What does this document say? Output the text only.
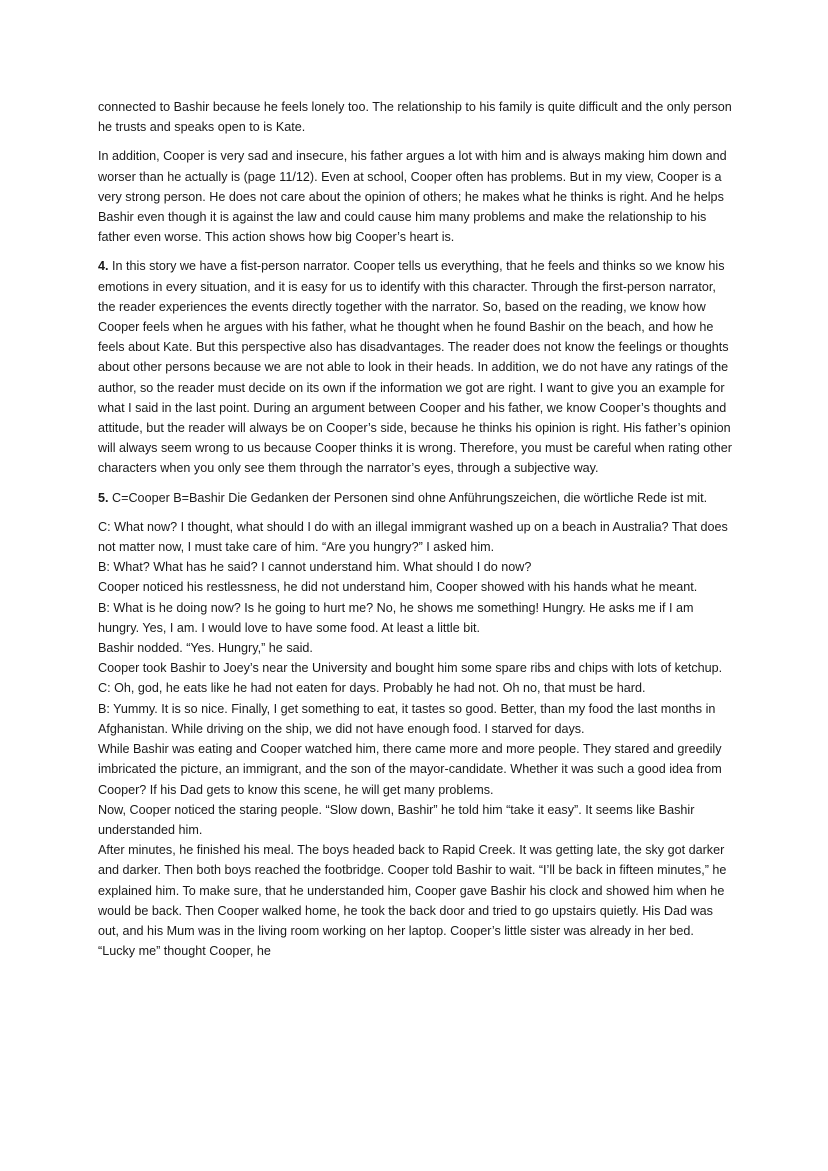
connected to Bashir because he feels lonely too. The relationship to his family is quite difficult and the only person he trusts and speaks open to is Kate.

In addition, Cooper is very sad and insecure, his father argues a lot with him and is always making him down and worser than he actually is (page 11/12). Even at school, Cooper often has problems. But in my view, Cooper is a very strong person. He does not care about the opinion of others; he makes what he thinks is right. And he helps Bashir even though it is against the law and could cause him many problems and make the relationship to his father even worse. This action shows how big Cooper’s heart is.

4. In this story we have a fist-person narrator. Cooper tells us everything, that he feels and thinks so we know his emotions in every situation, and it is easy for us to identify with this character. Through the first-person narrator, the reader experiences the events directly together with the narrator. So, based on the reading, we know how Cooper feels when he argues with his father, what he thought when he found Bashir on the beach, and how he feels about Kate. But this perspective also has disadvantages. The reader does not know the feelings or thoughts about other persons because we are not able to look in their heads. In addition, we do not have any ratings of the author, so the reader must decide on its own if the information we got are right. I want to give you an example for what I said in the last point. During an argument between Cooper and his father, we know Cooper’s thoughts and attitude, but the reader will always be on Cooper’s side, because he thinks his opinion is right. His father’s opinion will always seem wrong to us because Cooper thinks it is wrong. Therefore, you must be careful when rating other characters when you only see them through the narrator’s eyes, through a subjective way.

5. C=Cooper B=Bashir Die Gedanken der Personen sind ohne Anführungszeichen, die wörtliche Rede ist mit.

C: What now? I thought, what should I do with an illegal immigrant washed up on a beach in Australia? That does not matter now, I must take care of him. “Are you hungry?” I asked him.

B: What? What has he said? I cannot understand him. What should I do now?

Cooper noticed his restlessness, he did not understand him, Cooper showed with his hands what he meant.

B: What is he doing now? Is he going to hurt me? No, he shows me something! Hungry. He asks me if I am hungry. Yes, I am. I would love to have some food. At least a little bit.

Bashir nodded. “Yes. Hungry,” he said.

Cooper took Bashir to Joey’s near the University and bought him some spare ribs and chips with lots of ketchup.

C: Oh, god, he eats like he had not eaten for days. Probably he had not. Oh no, that must be hard.

B: Yummy. It is so nice. Finally, I get something to eat, it tastes so good. Better, than my food the last months in Afghanistan. While driving on the ship, we did not have enough food. I starved for days.

While Bashir was eating and Cooper watched him, there came more and more people. They stared and greedily imbricated the picture, an immigrant, and the son of the mayor-candidate. Whether it was such a good idea from Cooper? If his Dad gets to know this scene, he will get many problems.

Now, Cooper noticed the staring people. “Slow down, Bashir” he told him “take it easy”. It seems like Bashir understanded him.

After minutes, he finished his meal. The boys headed back to Rapid Creek. It was getting late, the sky got darker and darker. Then both boys reached the footbridge. Cooper told Bashir to wait. “I’ll be back in fifteen minutes,” he explained him. To make sure, that he understanded him, Cooper gave Bashir his clock and showed him when he would be back. Then Cooper walked home, he took the back door and tried to go upstairs quietly. His Dad was out, and his Mum was in the living room working on her laptop. Cooper’s little sister was already in her bed. “Lucky me” thought Cooper, he
